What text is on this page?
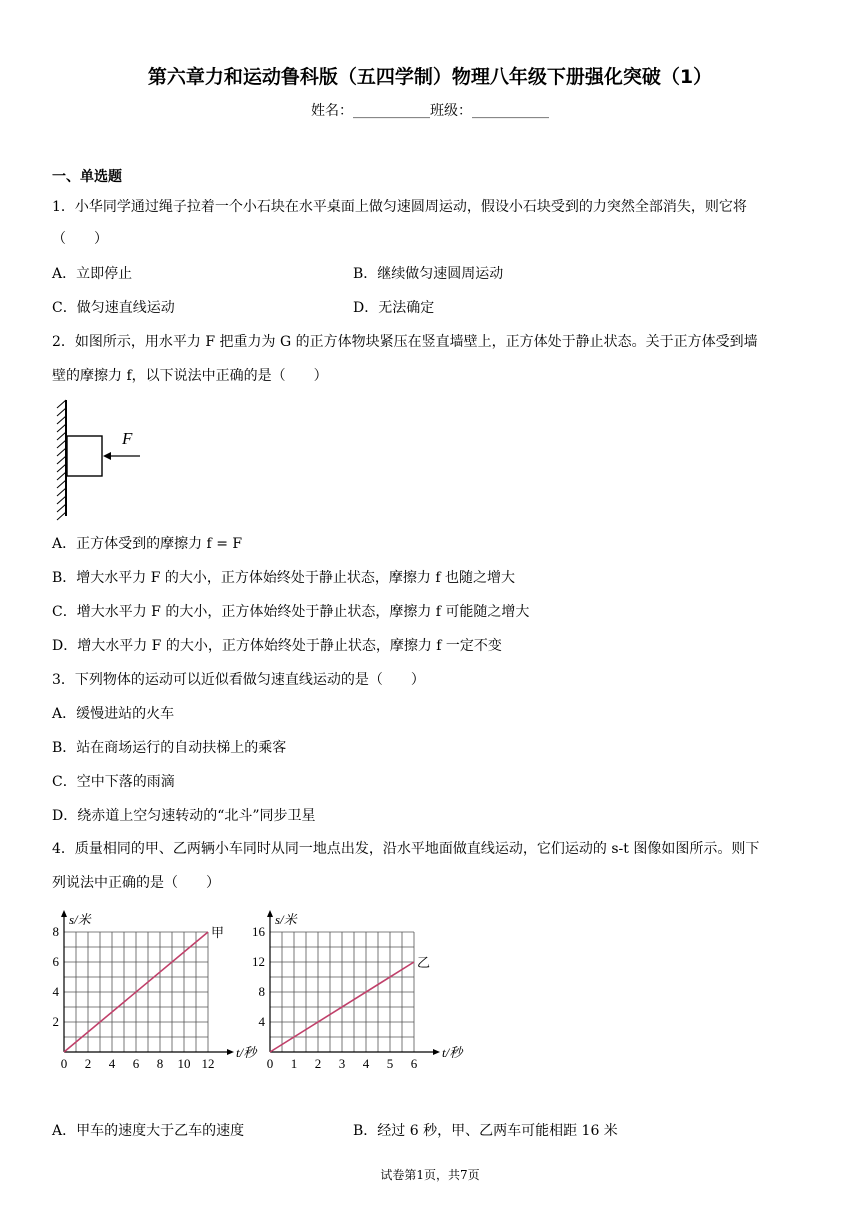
第六章力和运动鲁科版（五四学制）物理八年级下册强化突破（1）
姓名：___________班级：___________
一、单选题
1．小华同学通过绳子拉着一个小石块在水平桌面上做匀速圆周运动，假设小石块受到的力突然全部消失，则它将
（　　）
A．立即停止	B．继续做匀速圆周运动
C．做匀速直线运动	D．无法确定
2．如图所示，用水平力 F 把重力为 G 的正方体物块紧压在竖直墙壁上，正方体处于静止状态。关于正方体受到墙
壁的摩擦力 f，以下说法中正确的是（　　）
F
A．正方体受到的摩擦力 f = F
B．增大水平力 F 的大小，正方体始终处于静止状态，摩擦力 f 也随之增大
C．增大水平力 F 的大小，正方体始终处于静止状态，摩擦力 f 可能随之增大
D．增大水平力 F 的大小，正方体始终处于静止状态，摩擦力 f 一定不变
3．下列物体的运动可以近似看做匀速直线运动的是（　　）
A．缓慢进站的火车
B．站在商场运行的自动扶梯上的乘客
C．空中下落的雨滴
D．绕赤道上空匀速转动的“北斗”同步卫星
4．质量相同的甲、乙两辆小车同时从同一地点出发，沿水平地面做直线运动，它们运动的 s-t 图像如图所示。则下
列说法中正确的是（　　）
t/秒
s/米
0 2 4 6 8 10 12
2
4
6
8	甲
t/秒
s/米
0 1 2 3 4 5 6
4
8
12
16
乙
A．甲车的速度大于乙车的速度	B．经过 6 秒，甲、乙两车可能相距 16 米
试卷第1页，共7页
